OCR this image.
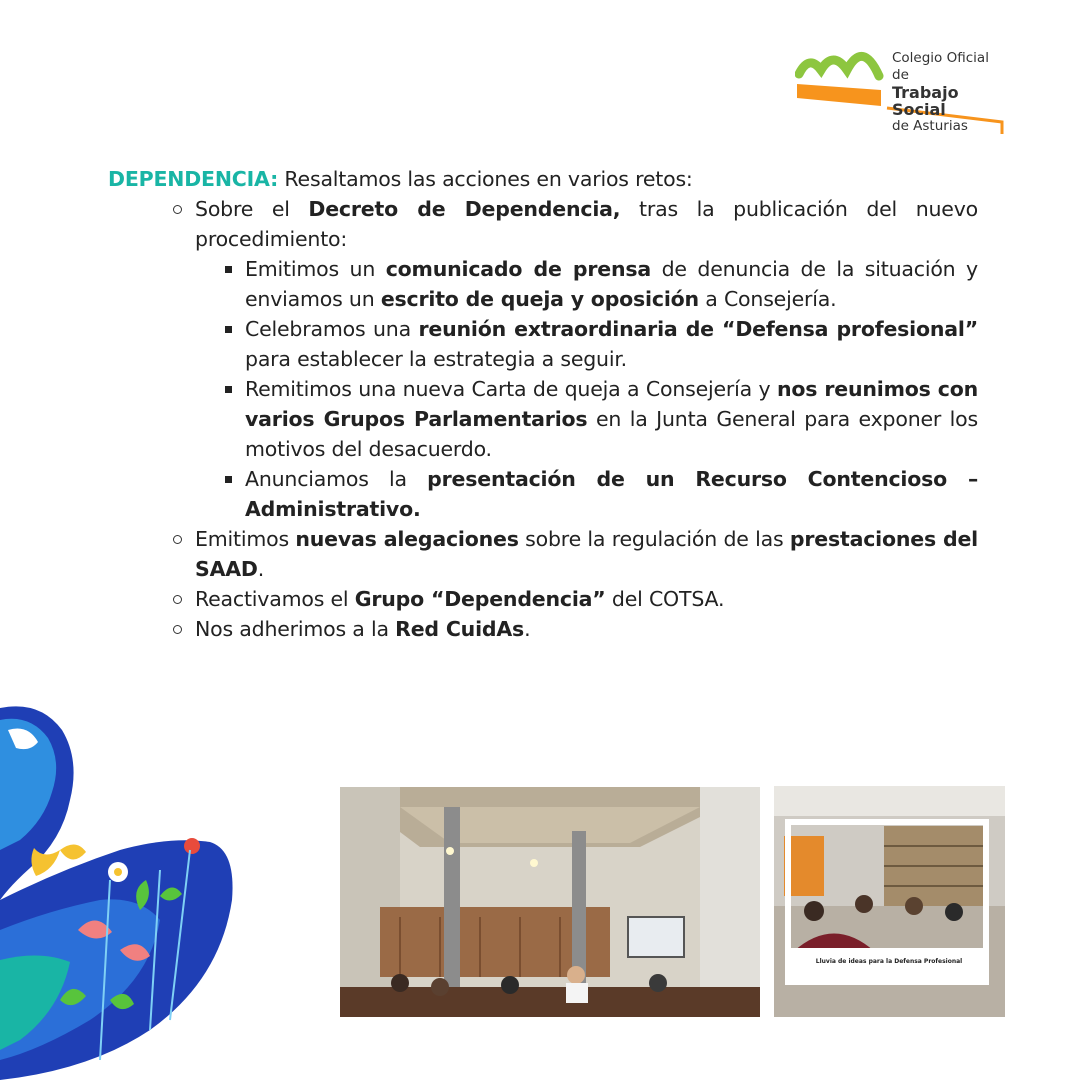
Colegio Oficial de
Trabajo Social
de Asturias
DEPENDENCIA: Resaltamos las acciones en varios retos:
Sobre el Decreto de Dependencia, tras la publicación del nuevo procedimiento:
Emitimos un comunicado de prensa de denuncia de la situación y enviamos un escrito de queja y oposición a Consejería.
Celebramos una reunión extraordinaria de “Defensa profesional” para establecer la estrategia a seguir.
Remitimos una nueva Carta de queja a Consejería y nos reunimos con varios Grupos Parlamentarios en la Junta General para exponer los motivos del desacuerdo.
Anunciamos la presentación de un Recurso Contencioso – Administrativo.
Emitimos nuevas alegaciones sobre la regulación de las prestaciones del SAAD.
Reactivamos el Grupo “Dependencia” del COTSA.
Nos adherimos a la Red CuidAs.
Lluvia de ideas para la Defensa Profesional
